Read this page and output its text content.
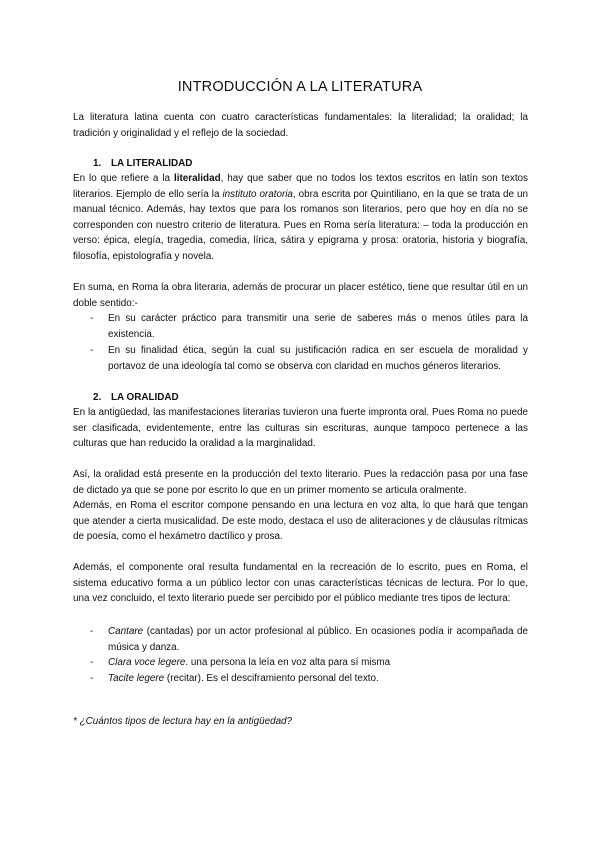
INTRODUCCIÓN A LA LITERATURA
La literatura latina cuenta con cuatro características fundamentales: la literalidad; la oralidad; la tradición y originalidad y el reflejo de la sociedad.
1. LA LITERALIDAD
En lo que refiere a la literalidad, hay que saber que no todos los textos escritos en latín son textos literarios. Ejemplo de ello sería la instituto oratoria, obra escrita por Quintiliano, en la que se trata de un manual técnico. Además, hay textos que para los romanos son literarios, pero que hoy en día no se corresponden con nuestro criterio de literatura. Pues en Roma sería literatura: – toda la producción en verso: épica, elegía, tragedia, comedia, lírica, sátira y epigrama y prosa: oratoria, historia y biografía, filosofía, epistolografía y novela.
En suma, en Roma la obra literaria, además de procurar un placer estético, tiene que resultar útil en un doble sentido:-
- En su carácter práctico para transmitir una serie de saberes más o menos útiles para la existencia.
- En su finalidad ética, según la cual su justificación radica en ser escuela de moralidad y portavoz de una ideología tal como se observa con claridad en muchos géneros literarios.
2. LA ORALIDAD
En la antigüedad, las manifestaciones literarias tuvieron una fuerte impronta oral. Pues Roma no puede ser clasificada, evidentemente, entre las culturas sin escrituras, aunque tampoco pertenece a las culturas que han reducido la oralidad a la marginalidad.
Así, la oralidad está presente en la producción del texto literario. Pues la redacción pasa por una fase de dictado ya que se pone por escrito lo que en un primer momento se articula oralmente.
Además, en Roma el escritor compone pensando en una lectura en voz alta, lo que hará que tengan que atender a cierta musicalidad. De este modo, destaca el uso de aliteraciones y de cláusulas rítmicas de poesía, como el hexámetro dactílico y prosa.
Además, el componente oral resulta fundamental en la recreación de lo escrito, pues en Roma, el sistema educativo forma a un público lector con unas características técnicas de lectura. Por lo que, una vez concluido, el texto literario puede ser percibido por el público mediante tres tipos de lectura:
- Cantare (cantadas) por un actor profesional al público. En ocasiones podía ir acompañada de música y danza.
- Clara voce legere. una persona la leía en voz alta para sí misma
- Tacite legere (recitar). Es el desciframiento personal del texto.
* ¿Cuántos tipos de lectura hay en la antigüedad?
